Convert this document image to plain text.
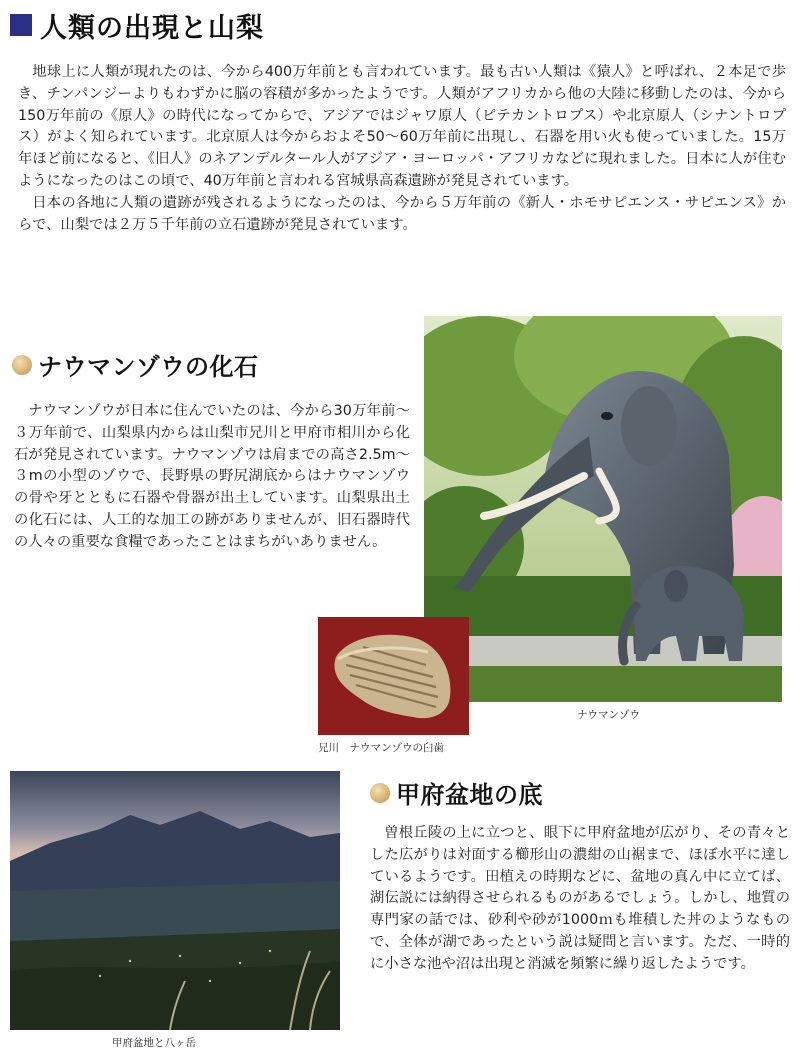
人類の出現と山梨

地球上に人類が現れたのは、今から400万年前とも言われています。最も古い人類は《猿人》と呼ばれ、２本足で歩き、チンパンジーよりもわずかに脳の容積が多かったようです。人類がアフリカから他の大陸に移動したのは、今から150万年前の《原人》の時代になってからで、アジアではジャワ原人（ピテカントロプス）や北京原人（シナントロプス）がよく知られています。北京原人は今からおよそ50〜60万年前に出現し、石器を用い火も使っていました。15万年ほど前になると、《旧人》のネアンデルタール人がアジア・ヨーロッパ・アフリカなどに現れました。日本に人が住むようになったのはこの頃で、40万年前と言われる宮城県高森遺跡が発見されています。

日本の各地に人類の遺跡が残されるようになったのは、今から５万年前の《新人・ホモサピエンス・サピエンス》からで、山梨では２万５千年前の立石遺跡が発見されています。

ナウマンゾウの化石

ナウマンゾウが日本に住んでいたのは、今から30万年前〜３万年前で、山梨県内からは山梨市兄川と甲府市相川から化石が発見されています。ナウマンゾウは肩までの高さ2.5m〜３mの小型のゾウで、長野県の野尻湖底からはナウマンゾウの骨や牙とともに石器や骨器が出土しています。山梨県出土の化石には、人工的な加工の跡がありませんが、旧石器時代の人々の重要な食糧であったことはまちがいありません。

ナウマンゾウ
兄川　ナウマンゾウの臼歯
甲府盆地と八ヶ岳
甲府盆地の底

曽根丘陵の上に立つと、眼下に甲府盆地が広がり、その青々とした広がりは対面する櫛形山の濃紺の山裾まで、ほぼ水平に達しているようです。田植えの時期などに、盆地の真ん中に立てば、湖伝説には納得させられるものがあるでしょう。しかし、地質の専門家の話では、砂利や砂が1000ｍも堆積した丼のようなもので、全体が湖であったという説は疑問と言います。ただ、一時的に小さな池や沼は出現と消滅を頻繁に繰り返したようです。
